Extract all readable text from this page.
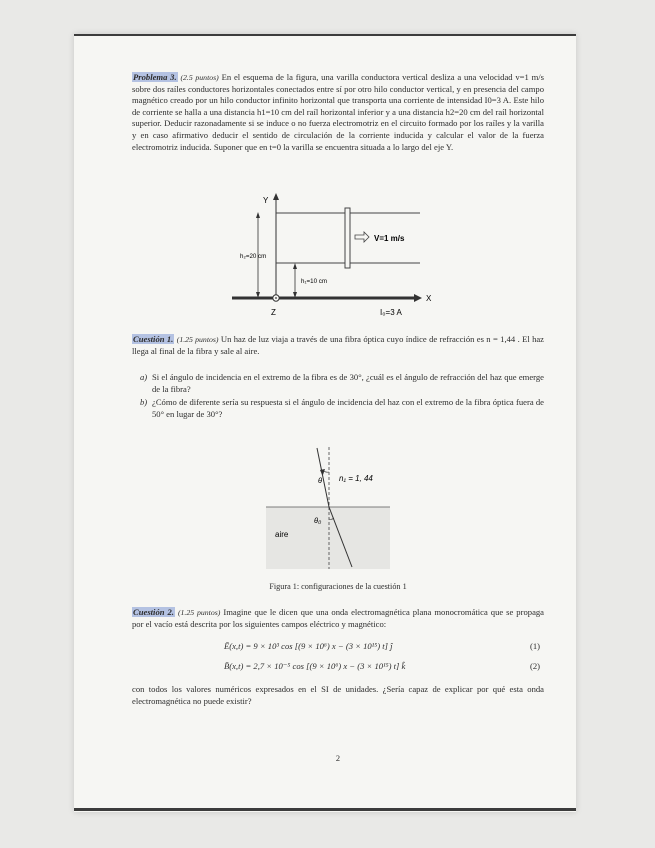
Problema 3. (2.5 puntos) En el esquema de la figura, una varilla conductora vertical desliza a una velocidad v=1 m/s sobre dos raíles conductores horizontales conectados entre sí por otro hilo conductor vertical, y en presencia del campo magnético creado por un hilo conductor infinito horizontal que transporta una corriente de intensidad I0=3 A. Este hilo de corriente se halla a una distancia h1=10 cm del raíl horizontal inferior y a una distancia h2=20 cm del raíl horizontal superior. Deducir razonadamente si se induce o no fuerza electromotriz en el circuito formado por los raíles y la varilla y en caso afirmativo deducir el sentido de circulación de la corriente inducida y calcular el valor de la fuerza electromotriz inducida. Suponer que en t=0 la varilla se encuentra situada a lo largo del eje Y.
Y
V=1 m/s
h₂=20 cm
h₁=10 cm
X
Z	I₀=3 A
Cuestión 1. (1.25 puntos) Un haz de luz viaja a través de una fibra óptica cuyo índice de refracción es n = 1,44 . El haz llega al final de la fibra y sale al aire.
a) Si el ángulo de incidencia en el extremo de la fibra es de 30°, ¿cuál es el ángulo de refracción del haz que emerge de la fibra?
b) ¿Cómo de diferente sería su respuesta si el ángulo de incidencia del haz con el extremo de la fibra óptica fuera de 50° en lugar de 30°?
θ n₁ = 1, 44
θ₀
aire
Figura 1: configuraciones de la cuestión 1
Cuestión 2. (1.25 puntos) Imagine que le dicen que una onda electromagnética plana monocromática que se propaga por el vacío está descrita por los siguientes campos eléctrico y magnético:
Ē(x,t) = 9 × 10³ cos [(9 × 10⁶) x − (3 × 10¹⁵) t] ĵ	(1)
B̄(x,t) = 2,7 × 10⁻⁵ cos [(9 × 10⁶) x − (3 × 10¹⁵) t] k̂	(2)
con todos los valores numéricos expresados en el SI de unidades. ¿Sería capaz de explicar por qué esta onda electromagnética no puede existir?
2
